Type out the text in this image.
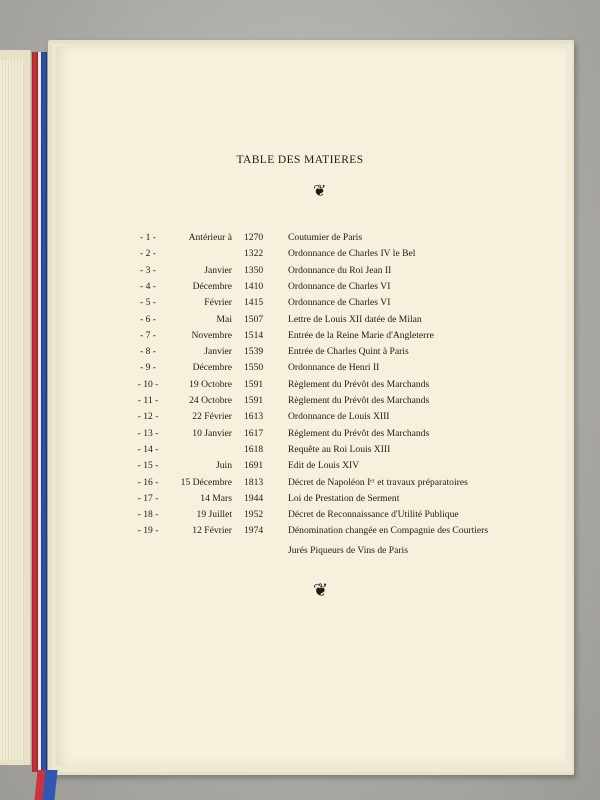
TABLE DES MATIERES
❦
- 1 -	Antérieur à 1270	Coutumier de Paris
- 2 -	1322	Ordonnance de Charles IV le Bel
- 3 -	Janvier 1350	Ordonnance du Roi Jean II
- 4 -	Décembre 1410	Ordonnance de Charles VI
- 5 -	Février 1415	Ordonnance de Charles VI
- 6 -	Mai 1507	Lettre de Louis XII datée de Milan
- 7 -	Novembre 1514	Entrée de la Reine Marie d'Angleterre
- 8 -	Janvier 1539	Entrée de Charles Quint à Paris
- 9 -	Décembre 1550	Ordonnance de Henri II
- 10 -	19 Octobre 1591	Règlement du Prévôt des Marchands
- 11 -	24 Octobre 1591	Règlement du Prévôt des Marchands
- 12 -	22 Février 1613	Ordonnance de Louis XIII
- 13 -	10 Janvier 1617	Règlement du Prévôt des Marchands
- 14 -	1618	Requête au Roi Louis XIII
- 15 -	Juin 1691	Edit de Louis XIV
- 16 -	15 Décembre 1813	Décret de Napoléon Iᵉʳ et travaux préparatoires
- 17 -	14 Mars 1944	Loi de Prestation de Serment
- 18 -	19 Juillet 1952	Décret de Reconnaissance d'Utilité Publique
- 19 -	12 Février 1974	Dénomination changée en Compagnie des Courtiers
Jurés Piqueurs de Vins de Paris
❦
